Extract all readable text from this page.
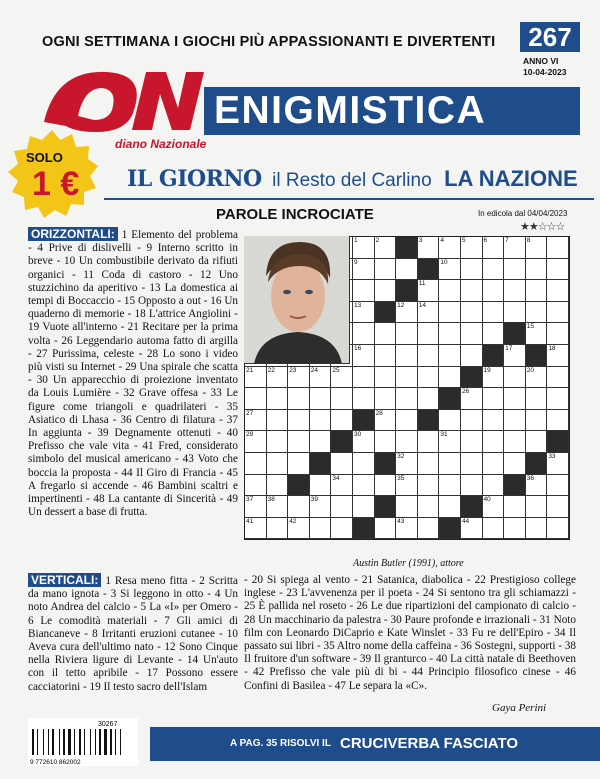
OGNI SETTIMANA I GIOCHI PIÙ APPASSIONANTI E DIVERTENTI	267
ANNO VI
10-04-2023
diano Nazionale
ENIGMISTICA
SOLO
1 € IL GIORNO il Resto del Carlino LA NAZIONE
PAROLE INCROCIATE	In edicola dal 04/04/2023
★★☆☆☆
ORIZZONTALI: 1 Elemento del problema - 4 Prive di dislivelli - 9 Interno scritto in breve - 10 Un combustibile derivato da rifiuti organici - 11 Coda di castoro - 12 Uno stuzzichino da aperitivo - 13 La domestica ai tempi di Boccaccio - 15 Opposto a out - 16 Un quaderno di memorie - 18 L'attrice Angiolini - 19 Vuote all'interno - 21 Recitare per la prima volta - 26 Leggendario automa fatto di argilla - 27 Purissima, celeste - 28 Lo sono i video più visti su Internet - 29 Una spirale che scatta - 30 Un apparecchio di proiezione inventato da Louis Lumière - 32 Grave offesa - 33 Le figure come triangoli e quadrilateri - 35 Asiatico di Lhasa - 36 Centro di filatura - 37 In aggiunta - 39 Degnamente ottenuti - 40 Prefisso che vale vita - 41 Fred, considerato simbolo del musical americano - 43 Voto che boccia la proposta - 44 Il Giro di Francia - 45 A fregarlo si accende - 46 Bambini scaltri e impertinenti - 48 La cantante di Sincerità - 49 Un dessert a base di frutta.
1	2	3	4	5	6	7	8
9	10
11
13	12 14
15
16	17	18
21 22 23 24 25	19	20
26
27	28
29	30	31
32	33
34	35	36
37 38	39	40
41	42	43	44
Austin Butler (1991), attore
VERTICALI: 1 Resa meno fitta - 2 Scritta da mano ignota - 3 Si leggono in otto - 4 Un noto Andrea del calcio - 5 La «I» per Omero - 6 Le comodità materiali - 7 Gli amici di Biancaneve - 8 Irritanti eruzioni cutanee - 10 Aveva cura dell'ultimo nato - 12 Sono Cinque nella Riviera ligure di Levante - 14 Un'auto con il tetto apribile - 17 Possono essere cacciatorini - 19 Il testo sacro dell'Islam
- 20 Si spiega al vento - 21 Satanica, diabolica - 22 Prestigioso college inglese - 23 L'avvenenza per il poeta - 24 Si sentono tra gli schiamazzi - 25 È pallida nel roseto - 26 Le due ripartizioni del campionato di calcio - 28 Un macchinario da palestra - 30 Paure profonde e irrazionali - 31 Noto film con Leonardo DiCaprio e Kate Winslet - 33 Fu re dell'Epiro - 34 Il passato sui libri - 35 Altro nome della caffeina - 36 Sostegni, supporti - 38 Il fruitore d'un software - 39 Il granturco - 40 La città natale di Beethoven - 42 Prefisso che vale più di bi - 44 Principio filosofico cinese - 46 Confini di Basilea - 47 Le separa la «C».
Gaya Perini
30267
9 772610 862002
A PAG. 35 RISOLVI IL CRUCIVERBA FASCIATO
